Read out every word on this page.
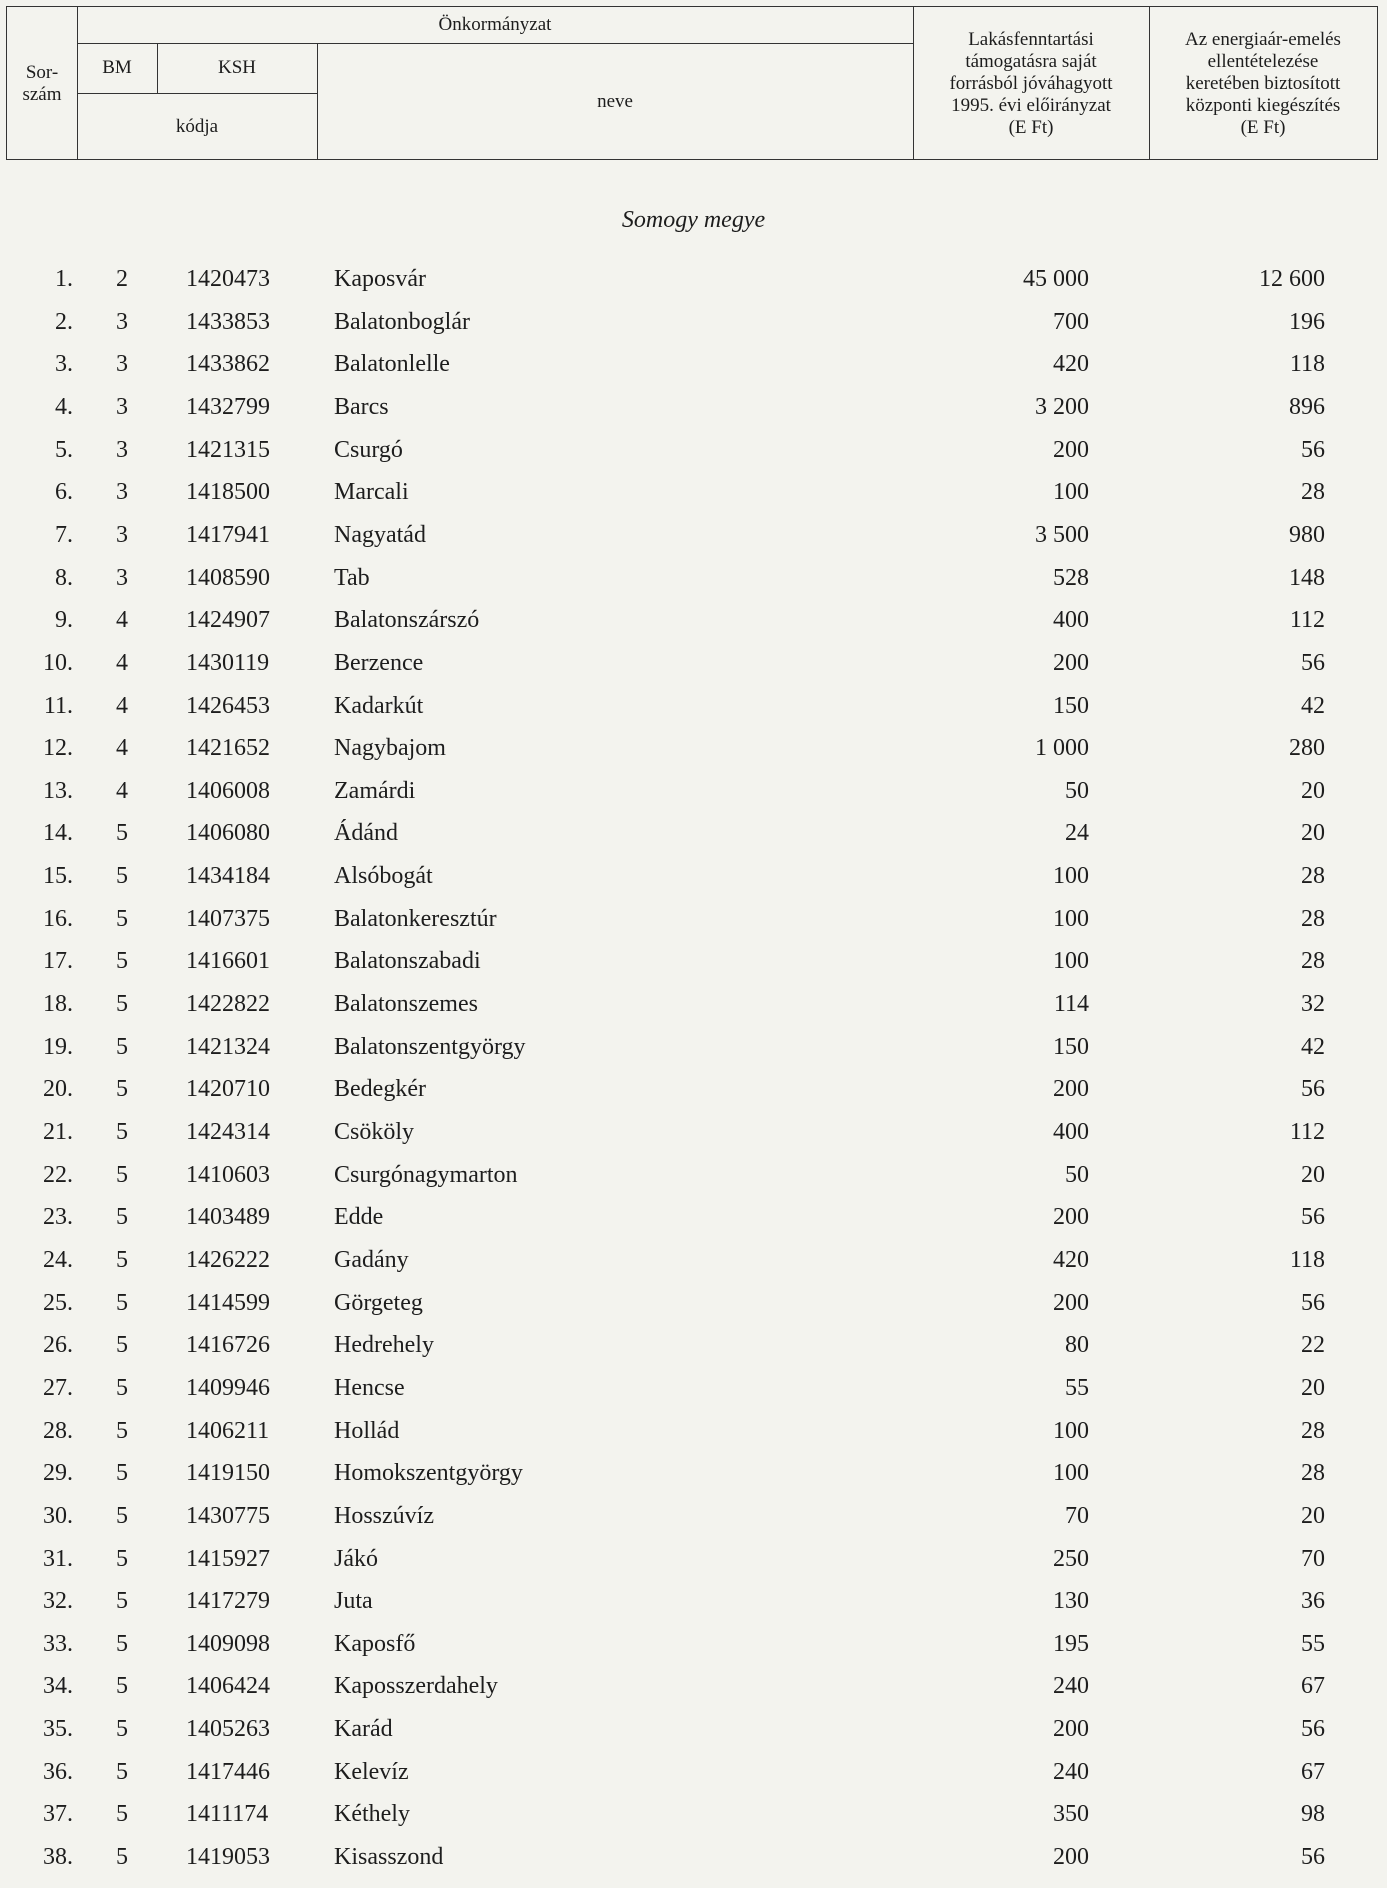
Sor-
szám
Önkormányzat
BM	KSH
kódja
neve
Lakásfenntartási
támogatásra saját
forrásból jóváhagyott
1995. évi előirányzat
(E Ft)
Az energiaár-emelés
ellentételezése
keretében biztosított
központi kiegészítés
(E Ft)
Somogy megye
1. 2 1420473	Kaposvár	45 000	12 600
2. 3 1433853	Balatonboglár	700	196
3. 3 1433862	Balatonlelle	420	118
4. 3 1432799	Barcs	3 200	896
5. 3 1421315	Csurgó	200	56
6. 3 1418500	Marcali	100	28
7. 3 1417941	Nagyatád	3 500	980
8. 3 1408590	Tab	528	148
9. 4 1424907	Balatonszárszó	400	112
10. 4 1430119	Berzence	200	56
11. 4 1426453	Kadarkút	150	42
12. 4 1421652	Nagybajom	1 000	280
13. 4 1406008	Zamárdi	50	20
14. 5 1406080	Ádánd	24	20
15. 5 1434184	Alsóbogát	100	28
16. 5 1407375	Balatonkeresztúr	100	28
17. 5 1416601	Balatonszabadi	100	28
18. 5 1422822	Balatonszemes	114	32
19. 5 1421324	Balatonszentgyörgy	150	42
20. 5 1420710	Bedegkér	200	56
21. 5 1424314	Csököly	400	112
22. 5 1410603	Csurgónagymarton	50	20
23. 5 1403489	Edde	200	56
24. 5 1426222	Gadány	420	118
25. 5 1414599	Görgeteg	200	56
26. 5 1416726	Hedrehely	80	22
27. 5 1409946	Hencse	55	20
28. 5 1406211	Hollád	100	28
29. 5 1419150	Homokszentgyörgy	100	28
30. 5 1430775	Hosszúvíz	70	20
31. 5 1415927	Jákó	250	70
32. 5 1417279	Juta	130	36
33. 5 1409098	Kaposfő	195	55
34. 5 1406424	Kaposszerdahely	240	67
35. 5 1405263	Karád	200	56
36. 5 1417446	Kelevíz	240	67
37. 5 1411174	Kéthely	350	98
38. 5 1419053	Kisasszond	200	56
